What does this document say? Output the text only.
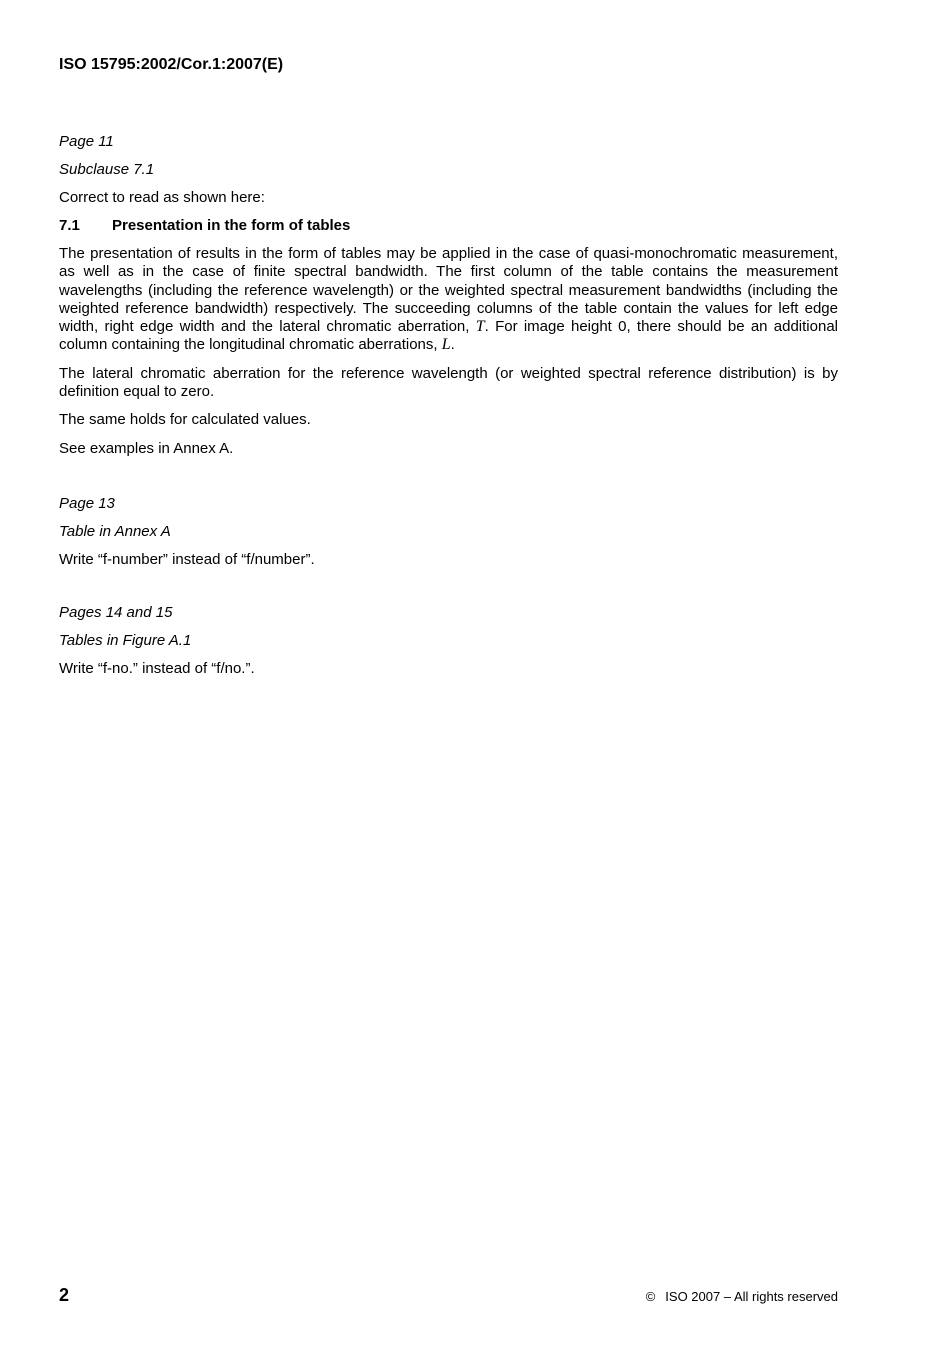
ISO 15795:2002/Cor.1:2007(E)

Page 11

Subclause 7.1

Correct to read as shown here:

7.1 Presentation in the form of tables

The presentation of results in the form of tables may be applied in the case of quasi-monochromatic measurement, as well as in the case of finite spectral bandwidth. The first column of the table contains the measurement wavelengths (including the reference wavelength) or the weighted spectral measurement bandwidths (including the weighted reference bandwidth) respectively. The succeeding columns of the table contain the values for left edge width, right edge width and the lateral chromatic aberration, T. For image height 0, there should be an additional column containing the longitudinal chromatic aberrations, L.

The lateral chromatic aberration for the reference wavelength (or weighted spectral reference distribution) is by definition equal to zero.

The same holds for calculated values.

See examples in Annex A.

Page 13

Table in Annex A

Write “f-number” instead of “f/number”.

Pages 14 and 15

Tables in Figure A.1

Write “f-no.” instead of “f/no.”.

2	© ISO 2007 – All rights reserved
